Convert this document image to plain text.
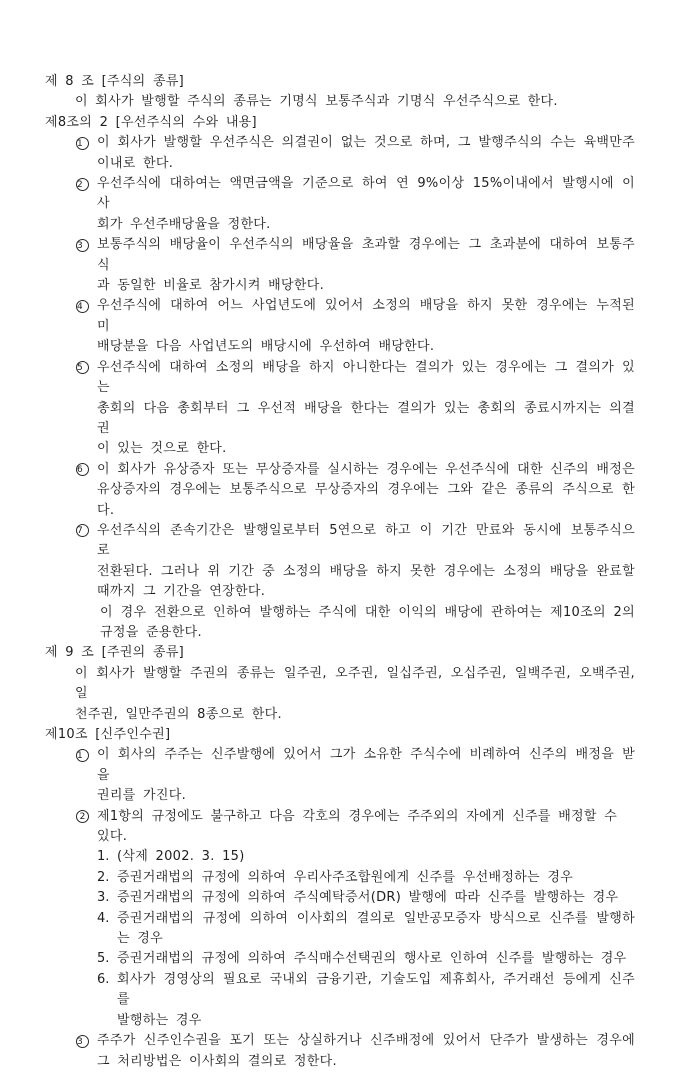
제 8 조 [주식의 종류]
이 회사가 발행할 주식의 종류는 기명식 보통주식과 기명식 우선주식으로 한다.
제8조의 2 [우선주식의 수와 내용]
1	이 회사가 발행할 우선주식은 의결권이 없는 것으로 하며, 그 발행주식의 수는 육백만주
이내로 한다.
2	우선주식에 대하여는 액면금액을 기준으로 하여 연 9%이상 15%이내에서 발행시에 이사
회가 우선주배당율을 정한다.
3	보통주식의 배당율이 우선주식의 배당율을 초과할 경우에는 그 초과분에 대하여 보통주식
과 동일한 비율로 참가시켜 배당한다.
4	우선주식에 대하여 어느 사업년도에 있어서 소정의 배당을 하지 못한 경우에는 누적된 미
배당분을 다음 사업년도의 배당시에 우선하여 배당한다.
5	우선주식에 대하여 소정의 배당을 하지 아니한다는 결의가 있는 경우에는 그 결의가 있는
총회의 다음 총회부터 그 우선적 배당을 한다는 결의가 있는 총회의 종료시까지는 의결권
이 있는 것으로 한다.
6	이 회사가 유상증자 또는 무상증자를 실시하는 경우에는 우선주식에 대한 신주의 배정은
유상증자의 경우에는 보통주식으로 무상증자의 경우에는 그와 같은 종류의 주식으로 한다.
7	우선주식의 존속기간은 발행일로부터 5연으로 하고 이 기간 만료와 동시에 보통주식으로
전환된다. 그러나 위 기간 중 소정의 배당을 하지 못한 경우에는 소정의 배당을 완료할
때까지 그 기간을 연장한다.
이 경우 전환으로 인하여 발행하는 주식에 대한 이익의 배당에 관하여는 제10조의 2의
규정을 준용한다.
제 9 조 [주권의 종류]
이 회사가 발행할 주권의 종류는 일주권, 오주권, 일십주권, 오십주권, 일백주권, 오백주권, 일
천주권, 일만주권의 8종으로 한다.
제10조 [신주인수권]
1	이 회사의 주주는 신주발행에 있어서 그가 소유한 주식수에 비례하여 신주의 배정을 받을
권리를 가진다.
2 제1항의 규정에도 불구하고 다음 각호의 경우에는 주주외의 자에게 신주를 배정할 수 있다.
1. (삭제 2002. 3. 15)
2. 증권거래법의 규정에 의하여 우리사주조합원에게 신주를 우선배정하는 경우
3. 증권거래법의 규정에 의하여 주식예탁증서(DR) 발행에 따라 신주를 발행하는 경우
4. 증권거래법의 규정에 의하여 이사회의 결의로 일반공모증자 방식으로 신주를 발행하
는 경우
5. 증권거래법의 규정에 의하여 주식매수선택권의 행사로 인하여 신주를 발행하는 경우
6. 회사가 경영상의 필요로 국내외 금융기관, 기술도입 제휴회사, 주거래선 등에게 신주를
발행하는 경우
3	주주가 신주인수권을 포기 또는 상실하거나 신주배정에 있어서 단주가 발생하는 경우에
그 처리방법은 이사회의 결의로 정한다.
